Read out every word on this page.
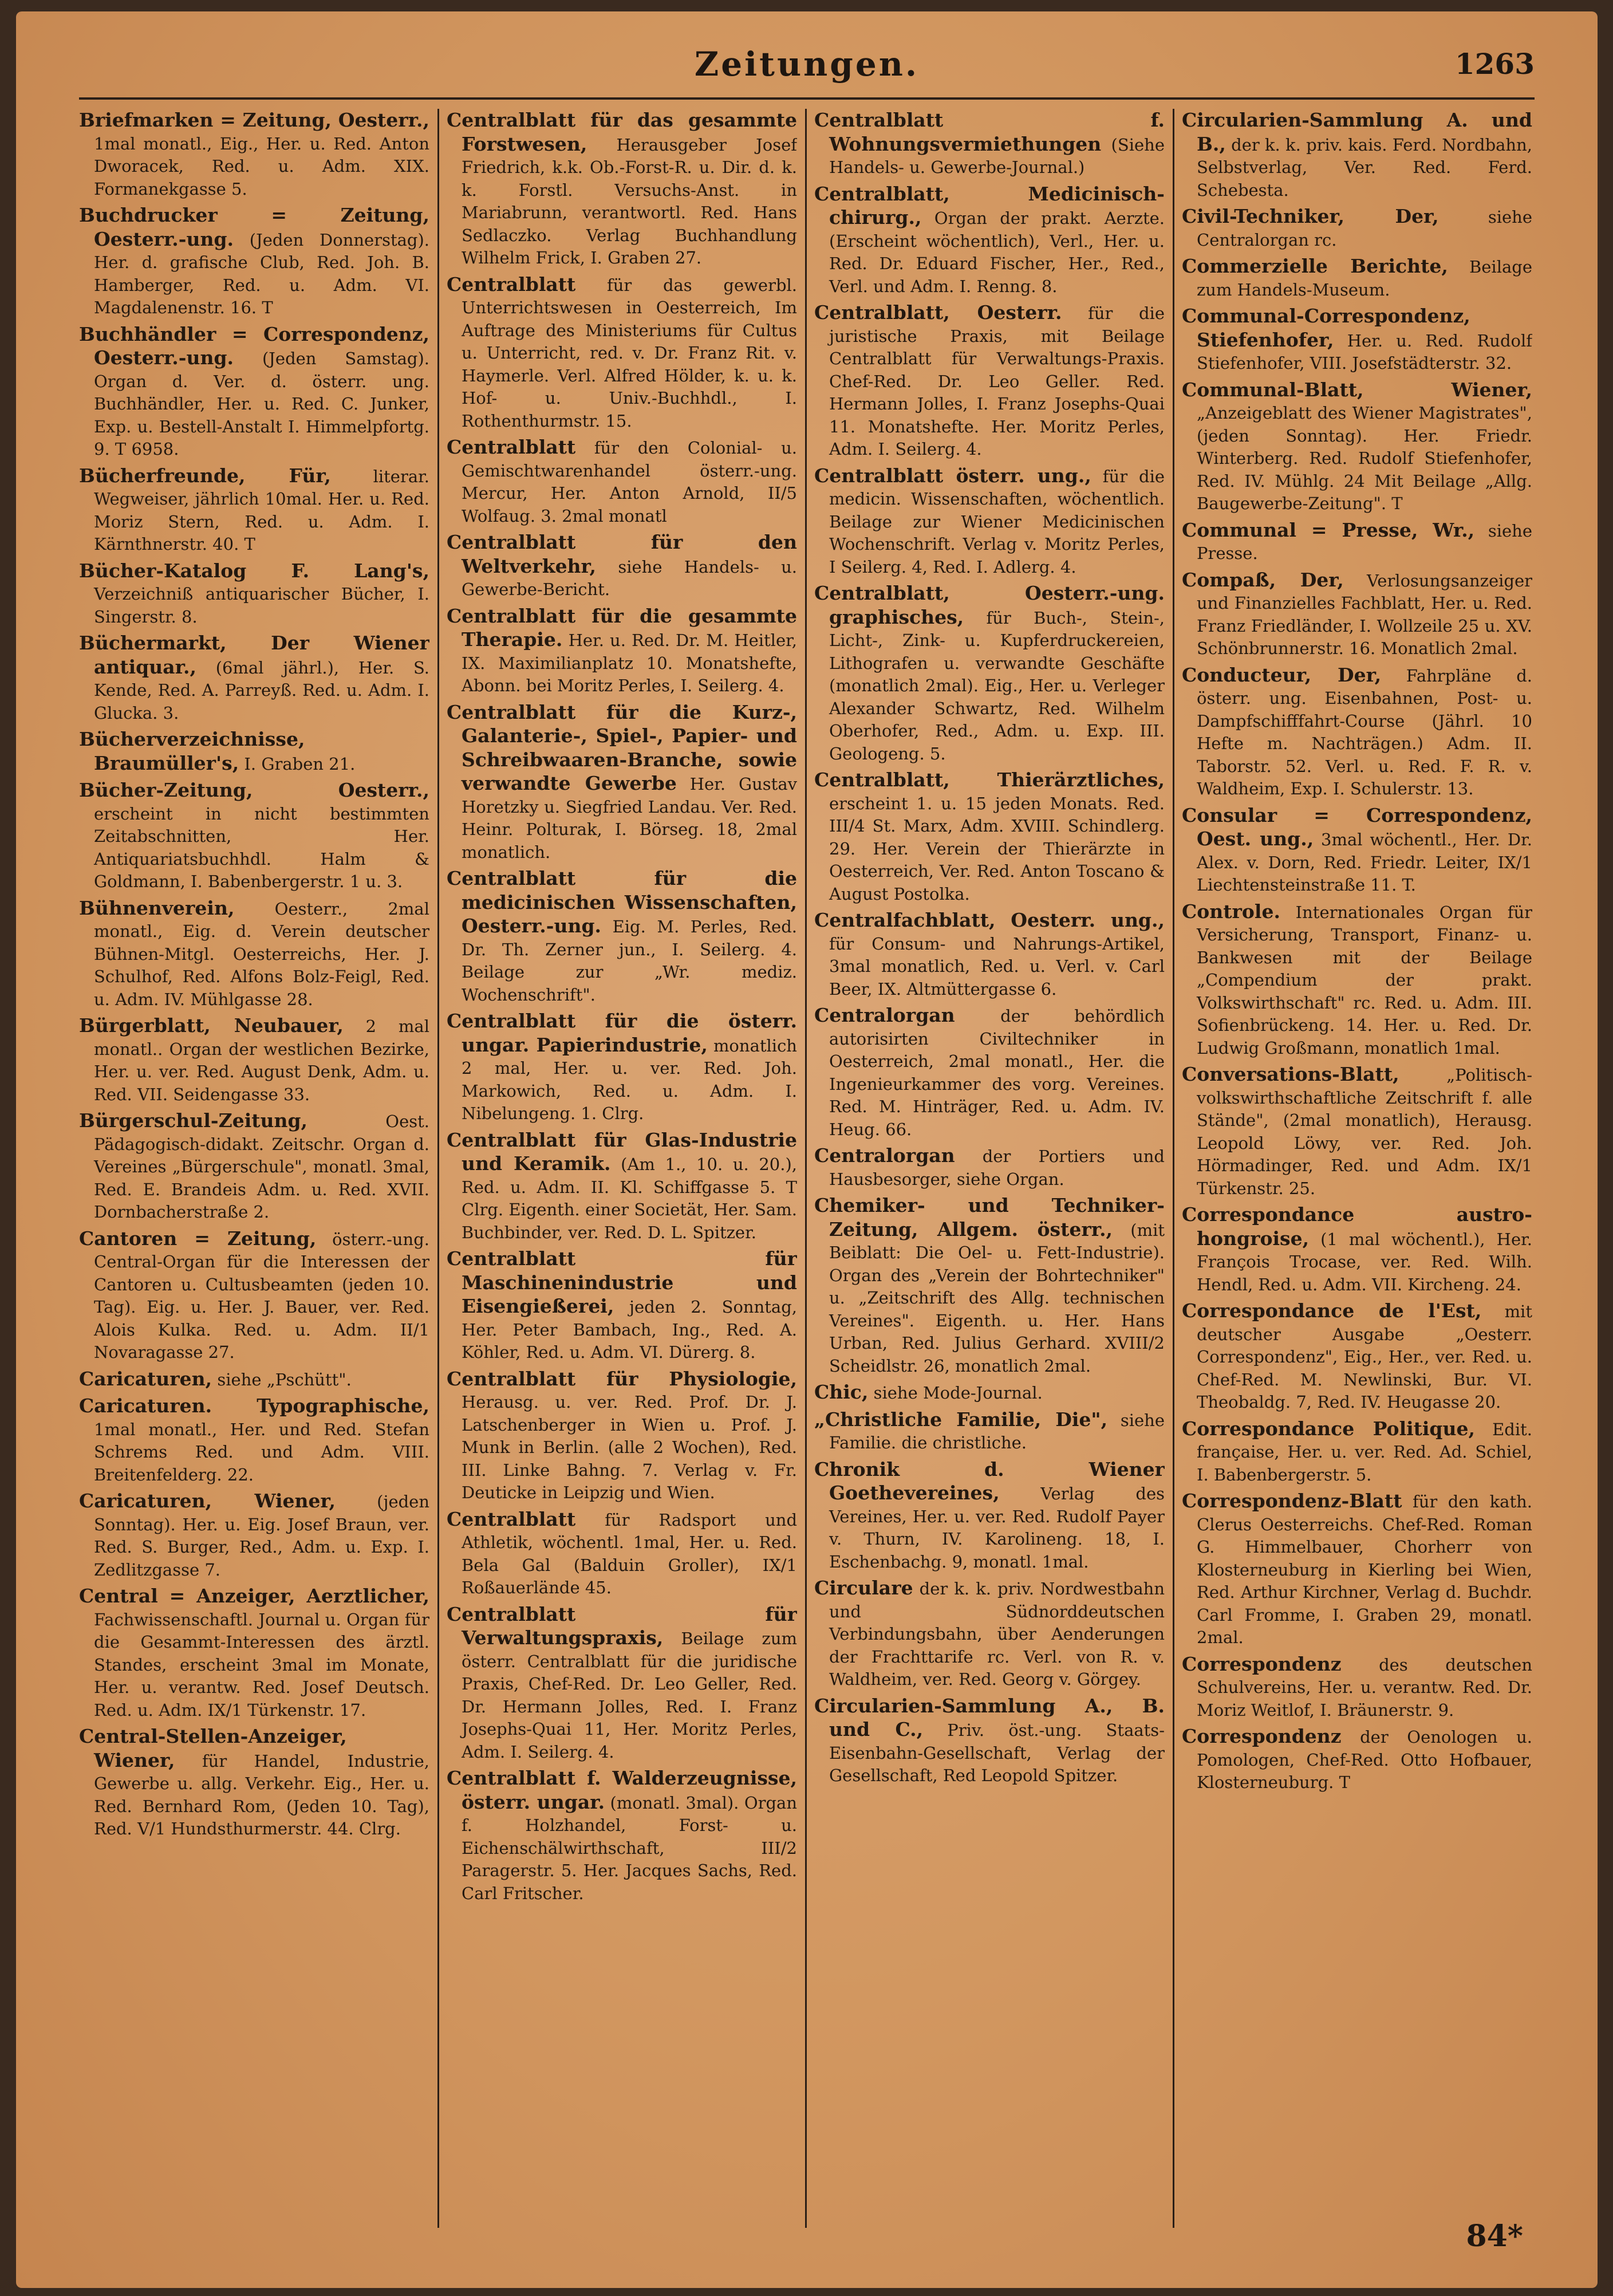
Zeitungen.	1263

Briefmarken = Zeitung, Oesterr., 1mal monatl., Eig., Her. u. Red. Anton Dworacek, Red. u. Adm. XIX. Formanekgasse 5.

Buchdrucker = Zeitung, Oesterr.-ung. (Jeden Donnerstag). Her. d. grafische Club, Red. Joh. B. Hamberger, Red. u. Adm. VI. Magdalenenstr. 16. T

Buchhändler = Correspondenz, Oesterr.-ung. (Jeden Samstag). Organ d. Ver. d. österr. ung. Buchhändler, Her. u. Red. C. Junker, Exp. u. Bestell-Anstalt I. Himmelpfortg. 9. T 6958.

Bücherfreunde, Für,	literar. Wegweiser, jährlich 10mal. Her. u. Red. Moriz Stern, Red. u. Adm. I. Kärnthnerstr. 40. T

Bücher-Katalog F. Lang's, Verzeichniß antiquarischer Bücher, I. Singerstr. 8.

Büchermarkt, Der Wiener antiquar., (6mal jährl.), Her. S. Kende, Red. A. Parreyß. Red. u. Adm. I. Glucka. 3.

Bücherverzeichnisse, Braumüller's, I. Graben 21.

Bücher-Zeitung, Oesterr., erscheint in nicht bestimmten Zeitabschnitten, Her. Antiquariatsbuchhdl. Halm & Goldmann, I. Babenbergerstr. 1 u. 3.

Bühnenverein, Oesterr., 2mal monatl., Eig. d. Verein deutscher Bühnen-Mitgl. Oesterreichs, Her. J. Schulhof, Red. Alfons Bolz-Feigl, Red. u. Adm. IV. Mühlgasse 28.

Bürgerblatt, Neubauer, 2 mal monatl.. Organ der westlichen Bezirke, Her. u. ver. Red. August Denk, Adm. u. Red. VII. Seidengasse 33.

Bürgerschul-Zeitung,	Oest. Pädagogisch-didakt. Zeitschr. Organ d. Vereines „Bürgerschule", monatl. 3mal, Red. E. Brandeis Adm. u. Red. XVII. Dornbacherstraße 2.

Cantoren = Zeitung, österr.-ung. Central-Organ für die Interessen der Cantoren u. Cultusbeamten (jeden 10. Tag). Eig. u. Her. J. Bauer, ver. Red. Alois Kulka. Red. u. Adm. II/1 Novaragasse 27.

Caricaturen, siehe „Pschütt".

Caricaturen. Typographische, 1mal monatl., Her. und Red. Stefan Schrems Red. und Adm. VIII. Breitenfelderg. 22.

Caricaturen, Wiener, (jeden Sonntag). Her. u. Eig. Josef Braun, ver. Red. S. Burger, Red., Adm. u. Exp. I. Zedlitzgasse 7.

Central = Anzeiger, Aerztlicher, Fachwissenschaftl. Journal u. Organ für die Gesammt-Interessen des ärztl. Standes, erscheint 3mal im Monate, Her. u. verantw. Red. Josef Deutsch. Red. u. Adm. IX/1 Türkenstr. 17.

Central-Stellen-Anzeiger, Wiener, für Handel, Industrie, Gewerbe u. allg. Verkehr. Eig., Her. u. Red. Bernhard Rom, (Jeden 10. Tag), Red. V/1 Hundsthurmerstr. 44. Clrg.

Centralblatt für das gesammte Forstwesen, Herausgeber Josef Friedrich, k.k. Ob.-Forst-R. u. Dir. d. k. k. Forstl. Versuchs-Anst. in Mariabrunn, verantwortl. Red. Hans Sedlaczko. Verlag Buchhandlung Wilhelm Frick, I. Graben 27.

Centralblatt für das gewerbl. Unterrichtswesen in Oesterreich, Im Auftrage des Ministeriums für Cultus u. Unterricht, red. v. Dr. Franz Rit. v. Haymerle. Verl. Alfred Hölder, k. u. k. Hof- u. Univ.-Buchhdl., I. Rothenthurmstr. 15.

Centralblatt für den Colonial- u. Gemischtwarenhandel österr.-ung. Mercur, Her. Anton Arnold, II/5 Wolfaug. 3. 2mal monatl

Centralblatt für den Weltverkehr, siehe Handels- u. Gewerbe-Bericht.

Centralblatt für die gesammte Therapie. Her. u. Red. Dr. M. Heitler, IX. Maximilianplatz 10. Monatshefte, Abonn. bei Moritz Perles, I. Seilerg. 4.

Centralblatt für die Kurz-, Galanterie-, Spiel-, Papier- und Schreibwaaren-Branche, sowie verwandte Gewerbe Her. Gustav Horetzky u. Siegfried Landau. Ver. Red. Heinr. Polturak, I. Börseg. 18, 2mal monatlich.

Centralblatt für die medicinischen Wissenschaften, Oesterr.-ung. Eig. M. Perles, Red. Dr. Th. Zerner jun., I. Seilerg. 4. Beilage zur „Wr. mediz. Wochenschrift".

Centralblatt für die österr. ungar. Papierindustrie, monatlich 2 mal, Her. u. ver. Red. Joh. Markowich, Red. u. Adm. I. Nibelungeng. 1. Clrg.

Centralblatt für Glas-Industrie und Keramik. (Am 1., 10. u. 20.), Red. u. Adm. II. Kl. Schiffgasse 5. T Clrg. Eigenth. einer Societät, Her. Sam. Buchbinder, ver. Red. D. L. Spitzer.

Centralblatt für Maschinenindustrie und Eisengießerei, jeden 2. Sonntag, Her. Peter Bambach, Ing., Red. A. Köhler, Red. u. Adm. VI. Dürerg. 8.

Centralblatt für Physiologie, Herausg. u. ver. Red. Prof. Dr. J. Latschenberger in Wien u. Prof. J. Munk in Berlin. (alle 2 Wochen), Red. III. Linke Bahng. 7. Verlag v. Fr. Deuticke in Leipzig und Wien.

Centralblatt für Radsport und Athletik, wöchentl. 1mal, Her. u. Red. Bela Gal (Balduin Groller), IX/1 Roßauerlände 45.

Centralblatt für Verwaltungspraxis, Beilage zum österr. Centralblatt für die juridische Praxis, Chef-Red. Dr. Leo Geller, Red. Dr. Hermann Jolles, Red. I. Franz Josephs-Quai 11, Her. Moritz Perles, Adm. I. Seilerg. 4.

Centralblatt f. Walderzeugnisse, österr. ungar. (monatl. 3mal). Organ f. Holzhandel, Forst- u. Eichenschälwirthschaft, III/2 Paragerstr. 5. Her. Jacques Sachs, Red. Carl Fritscher.

Centralblatt f. Wohnungsvermiethungen (Siehe Handels- u. Gewerbe-Journal.)

Centralblatt, Medicinisch-chirurg., Organ der prakt. Aerzte. (Erscheint wöchentlich), Verl., Her. u. Red. Dr. Eduard Fischer, Her., Red., Verl. und Adm. I. Renng. 8.

Centralblatt, Oesterr. für die juristische Praxis, mit Beilage Centralblatt für Verwaltungs-Praxis. Chef-Red. Dr. Leo Geller. Red. Hermann Jolles, I. Franz Josephs-Quai 11. Monatshefte. Her. Moritz Perles, Adm. I. Seilerg. 4.

Centralblatt österr. ung., für die medicin. Wissenschaften, wöchentlich. Beilage zur Wiener Medicinischen Wochenschrift. Verlag v. Moritz Perles, I Seilerg. 4, Red. I. Adlerg. 4.

Centralblatt, Oesterr.-ung. graphisches, für Buch-, Stein-, Licht-, Zink- u. Kupferdruckereien, Lithografen u. verwandte Geschäfte (monatlich 2mal). Eig., Her. u. Verleger Alexander Schwartz, Red. Wilhelm Oberhofer, Red., Adm. u. Exp. III. Geologeng. 5.

Centralblatt, Thierärztliches, erscheint 1. u. 15 jeden Monats. Red. III/4 St. Marx, Adm. XVIII. Schindlerg. 29. Her. Verein der Thierärzte in Oesterreich, Ver. Red. Anton Toscano & August Postolka.

Centralfachblatt, Oesterr. ung., für Consum- und Nahrungs-Artikel, 3mal monatlich, Red. u. Verl. v. Carl Beer, IX. Altmüttergasse 6.

Centralorgan	der behördlich autorisirten Civiltechniker in Oesterreich, 2mal monatl., Her. die Ingenieurkammer des vorg. Vereines. Red. M. Hinträger, Red. u. Adm. IV. Heug. 66.

Centralorgan der Portiers und Hausbesorger, siehe Organ.

Chemiker- und Techniker-Zeitung, Allgem. österr., (mit Beiblatt: Die Oel- u. Fett-Industrie). Organ des „Verein der Bohrtechniker" u. „Zeitschrift des Allg. technischen Vereines". Eigenth. u. Her. Hans Urban, Red. Julius Gerhard. XVIII/2 Scheidlstr. 26, monatlich 2mal.

Chic, siehe Mode-Journal.

„Christliche Familie, Die", siehe Familie. die christliche.

Chronik d. Wiener Goethevereines, Verlag des Vereines, Her. u. ver. Red. Rudolf Payer v. Thurn, IV. Karolineng. 18, I. Eschenbachg. 9, monatl. 1mal.

Circulare der k. k. priv. Nordwestbahn und Südnorddeutschen Verbindungsbahn, über Aenderungen der Frachttarife rc. Verl. von R. v. Waldheim, ver. Red. Georg v. Görgey.

Circularien-Sammlung A., B. und C., Priv. öst.-ung. Staats-Eisenbahn-Gesellschaft, Verlag der Gesellschaft, Red Leopold Spitzer.

Circularien-Sammlung A. und B., der k. k. priv. kais. Ferd. Nordbahn, Selbstverlag, Ver. Red. Ferd. Schebesta.

Civil-Techniker, Der,	siehe Centralorgan rc.

Commerzielle Berichte, Beilage zum Handels-Museum.

Communal-Correspondenz, Stiefenhofer, Her. u. Red. Rudolf Stiefenhofer, VIII. Josefstädterstr. 32.

Communal-Blatt, Wiener, „Anzeigeblatt des Wiener Magistrates", (jeden Sonntag). Her. Friedr. Winterberg. Red. Rudolf Stiefenhofer, Red. IV. Mühlg. 24 Mit Beilage „Allg. Baugewerbe-Zeitung". T

Communal = Presse, Wr., siehe Presse.

Compaß, Der, Verlosungsanzeiger und Finanzielles Fachblatt, Her. u. Red. Franz Friedländer, I. Wollzeile 25 u. XV. Schönbrunnerstr. 16. Monatlich 2mal.

Conducteur, Der, Fahrpläne d. österr. ung. Eisenbahnen, Post- u. Dampfschifffahrt-Course (Jährl. 10 Hefte m. Nachträgen.) Adm. II. Taborstr. 52. Verl. u. Red. F. R. v. Waldheim, Exp. I. Schulerstr. 13.

Consular = Correspondenz, Oest. ung., 3mal wöchentl., Her. Dr. Alex. v. Dorn, Red. Friedr. Leiter, IX/1 Liechtensteinstraße 11. T.

Controle. Internationales Organ für Versicherung, Transport, Finanz- u. Bankwesen mit der Beilage „Compendium der prakt. Volkswirthschaft" rc. Red. u. Adm. III. Sofienbrückeng. 14. Her. u. Red. Dr. Ludwig Großmann, monatlich 1mal.

Conversations-Blatt,	„Politisch-volkswirthschaftliche Zeitschrift f. alle Stände", (2mal monatlich), Herausg. Leopold Löwy, ver. Red. Joh. Hörmadinger, Red. und Adm. IX/1 Türkenstr. 25.

Correspondance austro-hongroise, (1 mal wöchentl.), Her. François Trocase, ver. Red. Wilh. Hendl, Red. u. Adm. VII. Kircheng. 24.

Correspondance de l'Est, mit deutscher Ausgabe „Oesterr. Correspondenz", Eig., Her., ver. Red. u. Chef-Red. M. Newlinski, Bur. VI. Theobaldg. 7, Red. IV. Heugasse 20.

Correspondance Politique, Edit. française, Her. u. ver. Red. Ad. Schiel, I. Babenbergerstr. 5.

Correspondenz-Blatt für den kath. Clerus Oesterreichs. Chef-Red. Roman G. Himmelbauer, Chorherr von Klosterneuburg in Kierling bei Wien, Red. Arthur Kirchner, Verlag d. Buchdr. Carl Fromme, I. Graben 29, monatl. 2mal.

Correspondenz des deutschen Schulvereins, Her. u. verantw. Red. Dr. Moriz Weitlof, I. Bräunerstr. 9.

Correspondenz der Oenologen u. Pomologen, Chef-Red. Otto Hofbauer, Klosterneuburg. T

84*
